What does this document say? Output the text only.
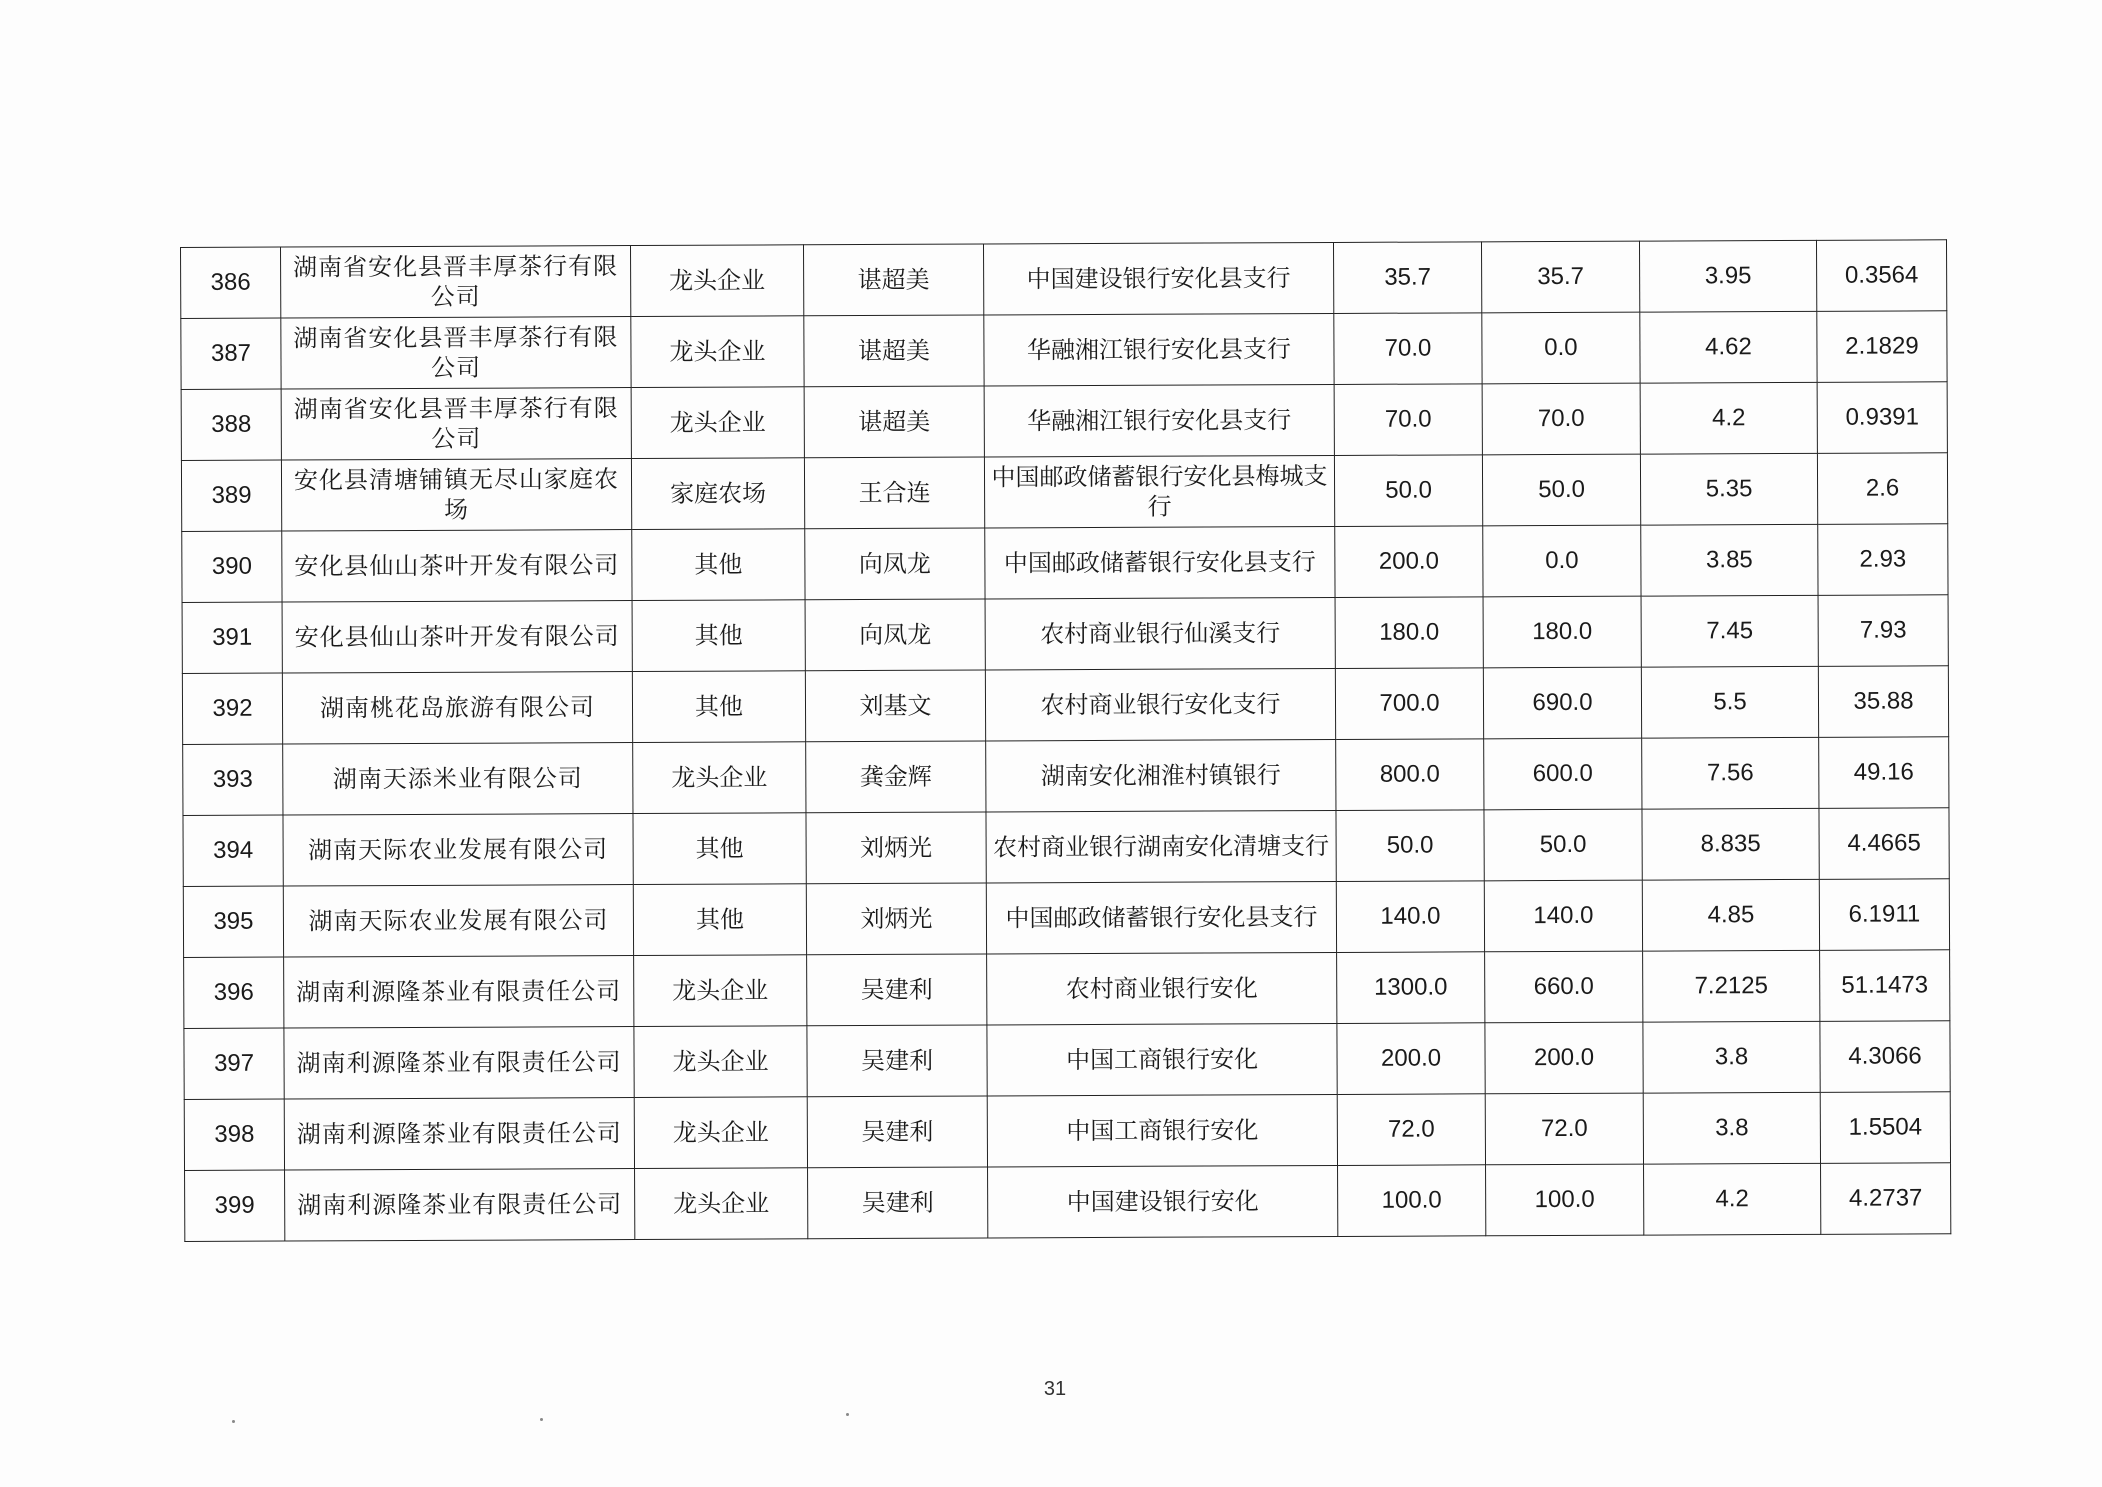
386	湖南省安化县晋丰厚茶行有限公司	龙头企业	谌超美	中国建设银行安化县支行	35.7	35.7	3.95	0.3564
387	湖南省安化县晋丰厚茶行有限公司	龙头企业	谌超美	华融湘江银行安化县支行	70.0	0.0	4.62	2.1829
388	湖南省安化县晋丰厚茶行有限公司	龙头企业	谌超美	华融湘江银行安化县支行	70.0	70.0	4.2	0.9391
389	安化县清塘铺镇无尽山家庭农场	家庭农场	王合连	中国邮政储蓄银行安化县梅城支行	50.0	50.0	5.35	2.6
390	安化县仙山茶叶开发有限公司	其他	向凤龙	中国邮政储蓄银行安化县支行	200.0	0.0	3.85	2.93
391	安化县仙山茶叶开发有限公司	其他	向凤龙	农村商业银行仙溪支行	180.0	180.0	7.45	7.93
392	湖南桃花岛旅游有限公司	其他	刘基文	农村商业银行安化支行	700.0	690.0	5.5	35.88
393	湖南天添米业有限公司	龙头企业	龚金辉	湖南安化湘淮村镇银行	800.0	600.0	7.56	49.16
394	湖南天际农业发展有限公司	其他	刘炳光	农村商业银行湖南安化清塘支行	50.0	50.0	8.835	4.4665
395	湖南天际农业发展有限公司	其他	刘炳光	中国邮政储蓄银行安化县支行	140.0	140.0	4.85	6.1911
396	湖南利源隆茶业有限责任公司	龙头企业	吴建利	农村商业银行安化	1300.0	660.0	7.2125	51.1473
397	湖南利源隆茶业有限责任公司	龙头企业	吴建利	中国工商银行安化	200.0	200.0	3.8	4.3066
398	湖南利源隆茶业有限责任公司	龙头企业	吴建利	中国工商银行安化	72.0	72.0	3.8	1.5504
399	湖南利源隆茶业有限责任公司	龙头企业	吴建利	中国建设银行安化	100.0	100.0	4.2	4.2737
31
